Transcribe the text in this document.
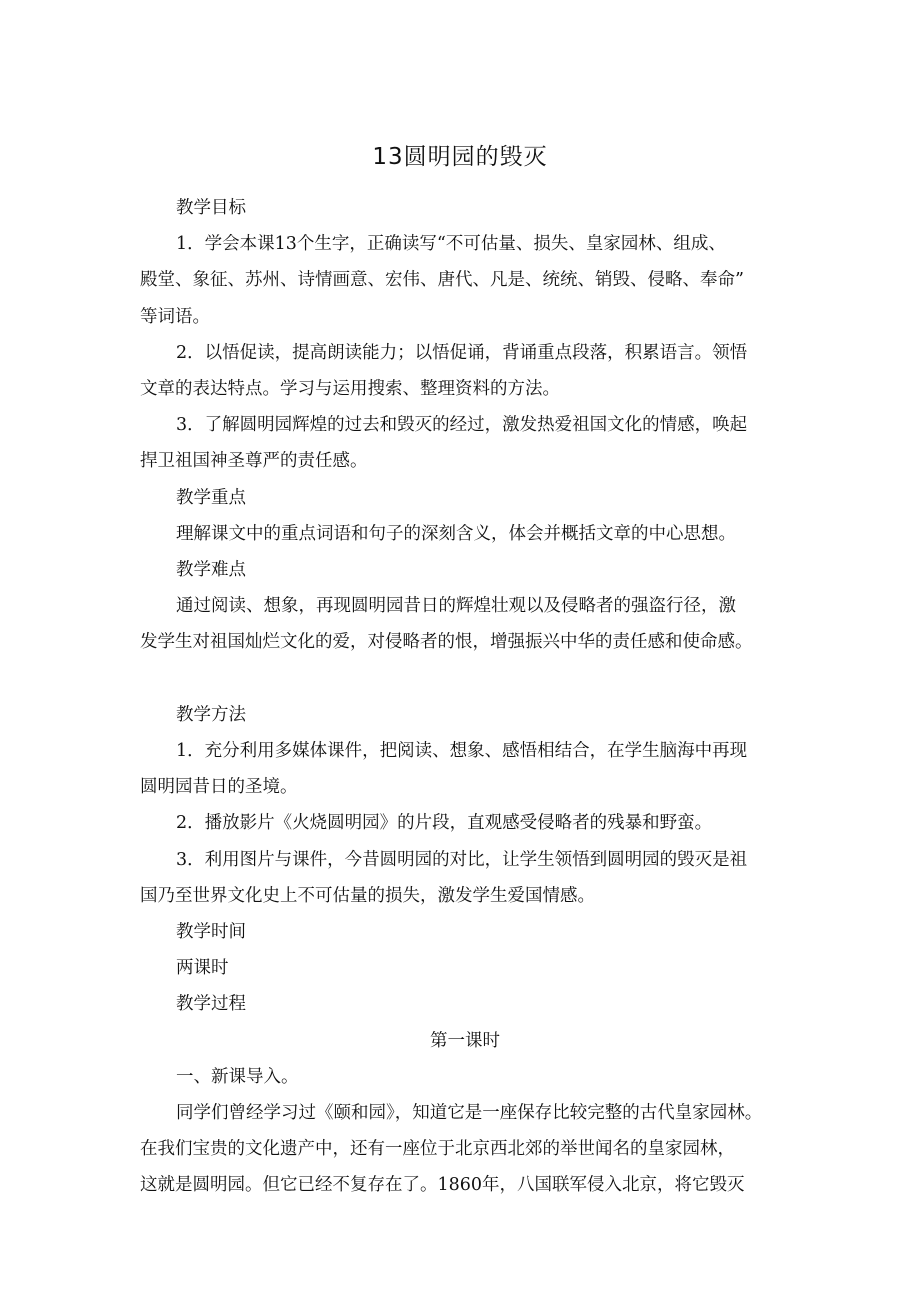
13圆明园的毁灭
教学目标
1．学会本课13个生字，正确读写“不可估量、损失、皇家园林、组成、
殿堂、象征、苏州、诗情画意、宏伟、唐代、凡是、统统、销毁、侵略、奉命”
等词语。
2．以悟促读，提高朗读能力；以悟促诵，背诵重点段落，积累语言。领悟
文章的表达特点。学习与运用搜索、整理资料的方法。
3．了解圆明园辉煌的过去和毁灭的经过，激发热爱祖国文化的情感，唤起
捍卫祖国神圣尊严的责任感。
教学重点
理解课文中的重点词语和句子的深刻含义，体会并概括文章的中心思想。
教学难点
通过阅读、想象，再现圆明园昔日的辉煌壮观以及侵略者的强盗行径，激
发学生对祖国灿烂文化的爱，对侵略者的恨，增强振兴中华的责任感和使命感。
教学方法
1．充分利用多媒体课件，把阅读、想象、感悟相结合，在学生脑海中再现
圆明园昔日的圣境。
2．播放影片《火烧圆明园》的片段，直观感受侵略者的残暴和野蛮。
3．利用图片与课件，今昔圆明园的对比，让学生领悟到圆明园的毁灭是祖
国乃至世界文化史上不可估量的损失，激发学生爱国情感。
教学时间
两课时
教学过程
第一课时
一、新课导入。
同学们曾经学习过《颐和园》，知道它是一座保存比较完整的古代皇家园林。
在我们宝贵的文化遗产中，还有一座位于北京西北郊的举世闻名的皇家园林，
这就是圆明园。但它已经不复存在了。1860年，八国联军侵入北京，将它毁灭
